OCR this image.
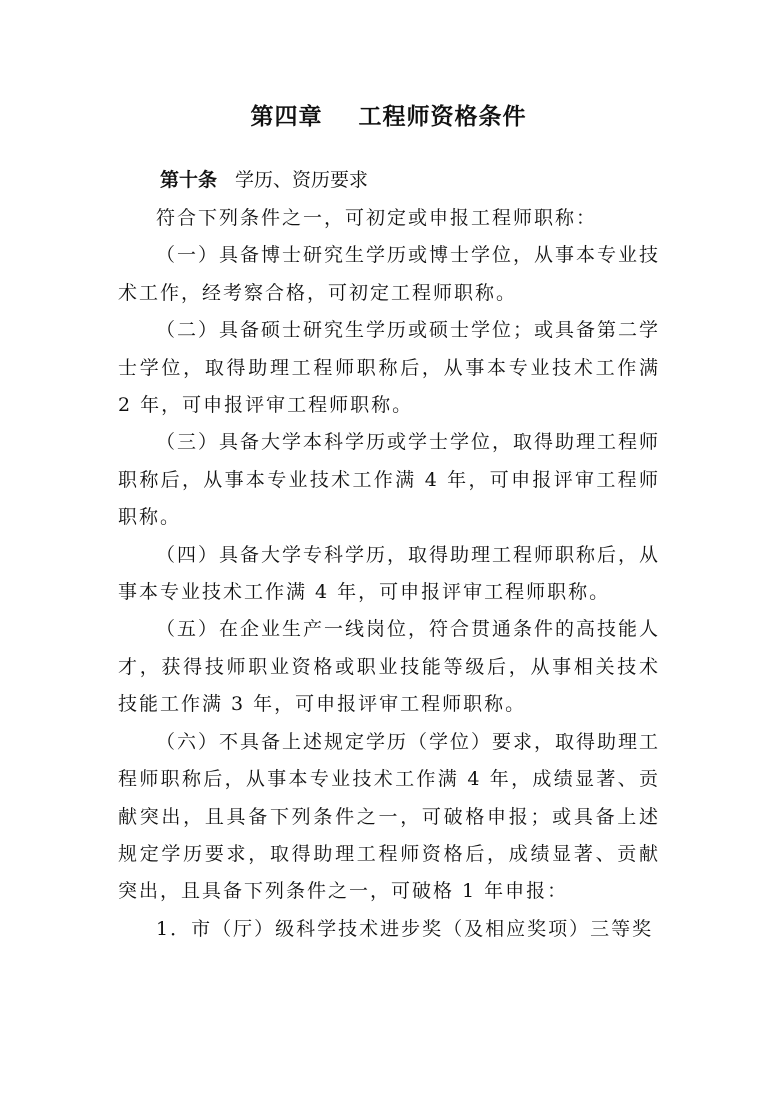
第四章    工程师资格条件
第十条 学历、资历要求

符合下列条件之一，可初定或申报工程师职称：

（一）具备博士研究生学历或博士学位，从事本专业技术工作，经考察合格，可初定工程师职称。

（二）具备硕士研究生学历或硕士学位；或具备第二学士学位，取得助理工程师职称后，从事本专业技术工作满 2 年，可申报评审工程师职称。

（三）具备大学本科学历或学士学位，取得助理工程师职称后，从事本专业技术工作满 4 年，可申报评审工程师职称。

（四）具备大学专科学历，取得助理工程师职称后，从事本专业技术工作满 4 年，可申报评审工程师职称。

（五）在企业生产一线岗位，符合贯通条件的高技能人才，获得技师职业资格或职业技能等级后，从事相关技术技能工作满 3 年，可申报评审工程师职称。

（六）不具备上述规定学历（学位）要求，取得助理工程师职称后，从事本专业技术工作满 4 年，成绩显著、贡献突出，且具备下列条件之一，可破格申报；或具备上述规定学历要求，取得助理工程师资格后，成绩显著、贡献突出，且具备下列条件之一，可破格 1 年申报：

1．市（厅）级科学技术进步奖（及相应奖项）三等奖
